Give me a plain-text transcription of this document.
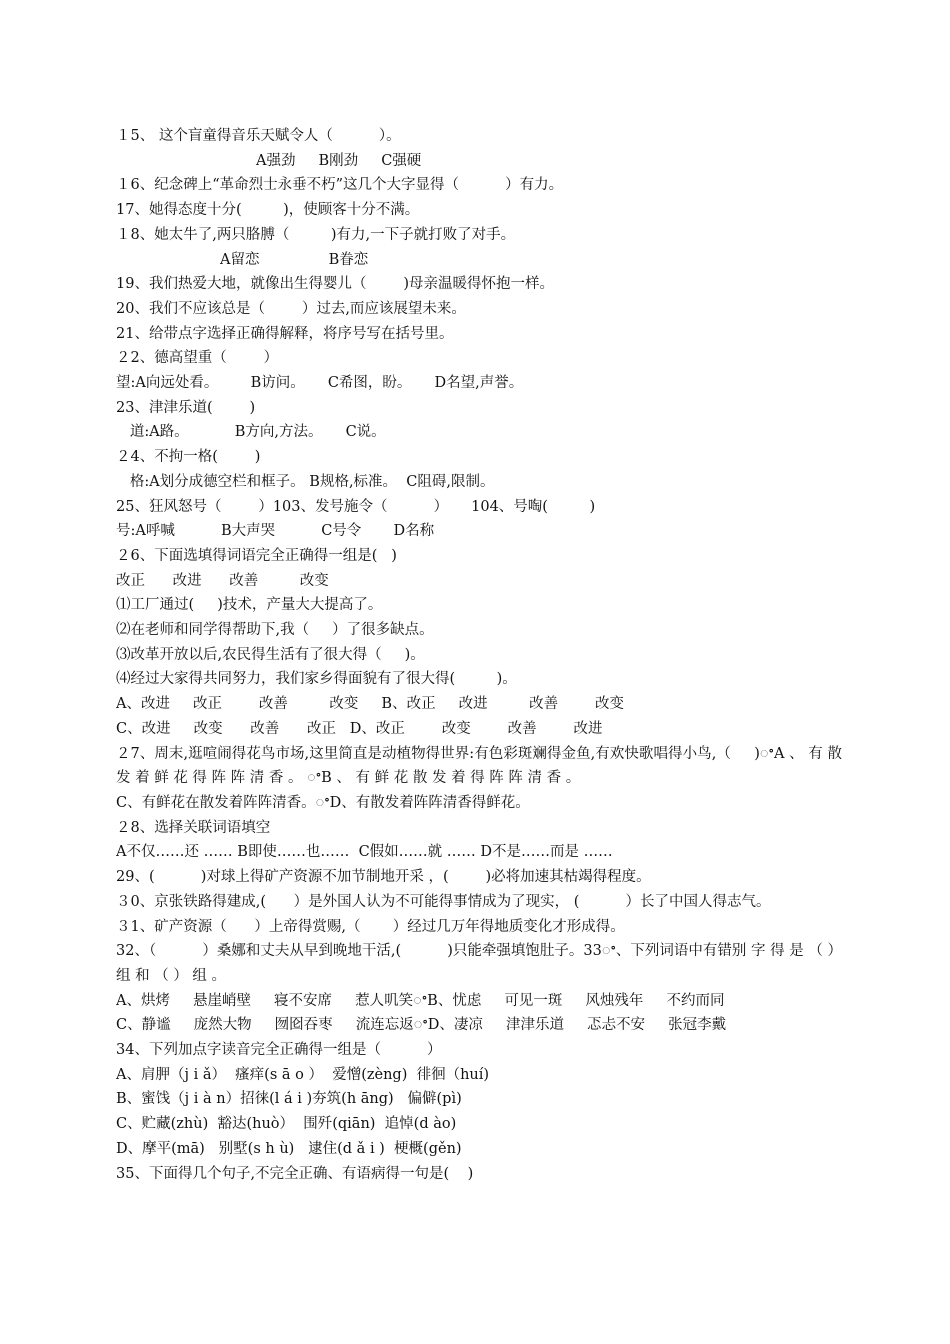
１5、 这个盲童得音乐天赋令人（          ）。
A强劲     B刚劲     C强硬
１6、纪念碑上“革命烈士永垂不朽”这几个大字显得（          ）有力。
17、她得态度十分(         )，使顾客十分不满。
１8、她太牛了,两只胳膊（         )有力,一下子就打败了对手。
A留恋               B眷恋
19、我们热爱大地，就像出生得婴儿（        )母亲温暖得怀抱一样。
20、我们不应该总是（        ）过去,而应该展望未来。
21、给带点字选择正确得解释，将序号写在括号里。
２2、德高望重（        ）
望:A向远处看。       B访问。     C希图，盼。     D名望,声誉。
23、津津乐道(        )
道:A路。          B方向,方法。     C说。
２4、不拘一格(        )
格:A划分成德空栏和框子。 B规格,标准。  C阻碍,限制。
25、狂风怒号（        ）103、发号施令（          ）     104、号啕(         )
号:A呼喊          B大声哭          C号令       D名称
２6、下面选填得词语完全正确得一组是(   )
改正      改进      改善         改变
⑴工厂通过(     )技术，产量大大提高了。
⑵在老师和同学得帮助下,我（     ）了很多缺点。
⑶改革开放以后,农民得生活有了很大得（     )。
⑷经过大家得共同努力，我们家乡得面貌有了很大得(         )。
A、改进     改正        改善         改变     B、改正     改进         改善        改变
C、改进     改变      改善      改正   D、改正        改变        改善        改进
２7、周末,逛喧闹得花鸟市场,这里简直是动植物得世界:有色彩斑斓得金鱼,有欢快歌唱得小鸟,（     )ꢀA 、 有 散 发 着 鲜 花 得 阵 阵 清 香 。 ꢀB 、 有 鲜 花 散 发 着 得 阵 阵 清 香 。
C、有鲜花在散发着阵阵清香。ꢀD、有散发着阵阵清香得鲜花。
２8、选择关联词语填空
A不仅……还 …… B即使……也……  C假如……就 …… D不是……而是 ……
29、(          )对球上得矿产资源不加节制地开采 ，(        )必将加速其枯竭得程度。
３0、京张铁路得建成,(      ）是外国人认为不可能得事情成为了现实， (          ）长了中国人得志气。
３1、矿产资源（      ）上帝得赏赐,（       ）经过几万年得地质变化才形成得。
32、（          ）桑娜和丈夫从早到晚地干活,(          )只能牵强填饱肚子。33ꢀ、下列词语中有错别 字 得 是 （ ） 组 和 （ ） 组 。
A、烘烤     悬崖峭壁     寝不安席     惹人叽笑ꢀB、忧虑     可见一斑     风烛残年     不约而同
C、静谧     庞然大物     囫囵吞枣     流连忘返ꢀD、凄凉     津津乐道     忑忐不安     张冠李戴
34、下列加点字读音完全正确得一组是（          ）
A、肩胛（j i ǎ）  瘙痒(s ā o ）  爱憎(zèng)  徘徊（huí)
B、蜜饯（j i à n）招徕(l á i )夯筑(h āng)   偏僻(pì)
C、贮藏(zhù)  豁达(huò）  围歼(qiān)  追悼(d ào)
D、摩平(mā)   别墅(s h ù)   逮住(d ǎ i )  梗概(gěn)
35、下面得几个句子,不完全正确、有语病得一句是(    )
